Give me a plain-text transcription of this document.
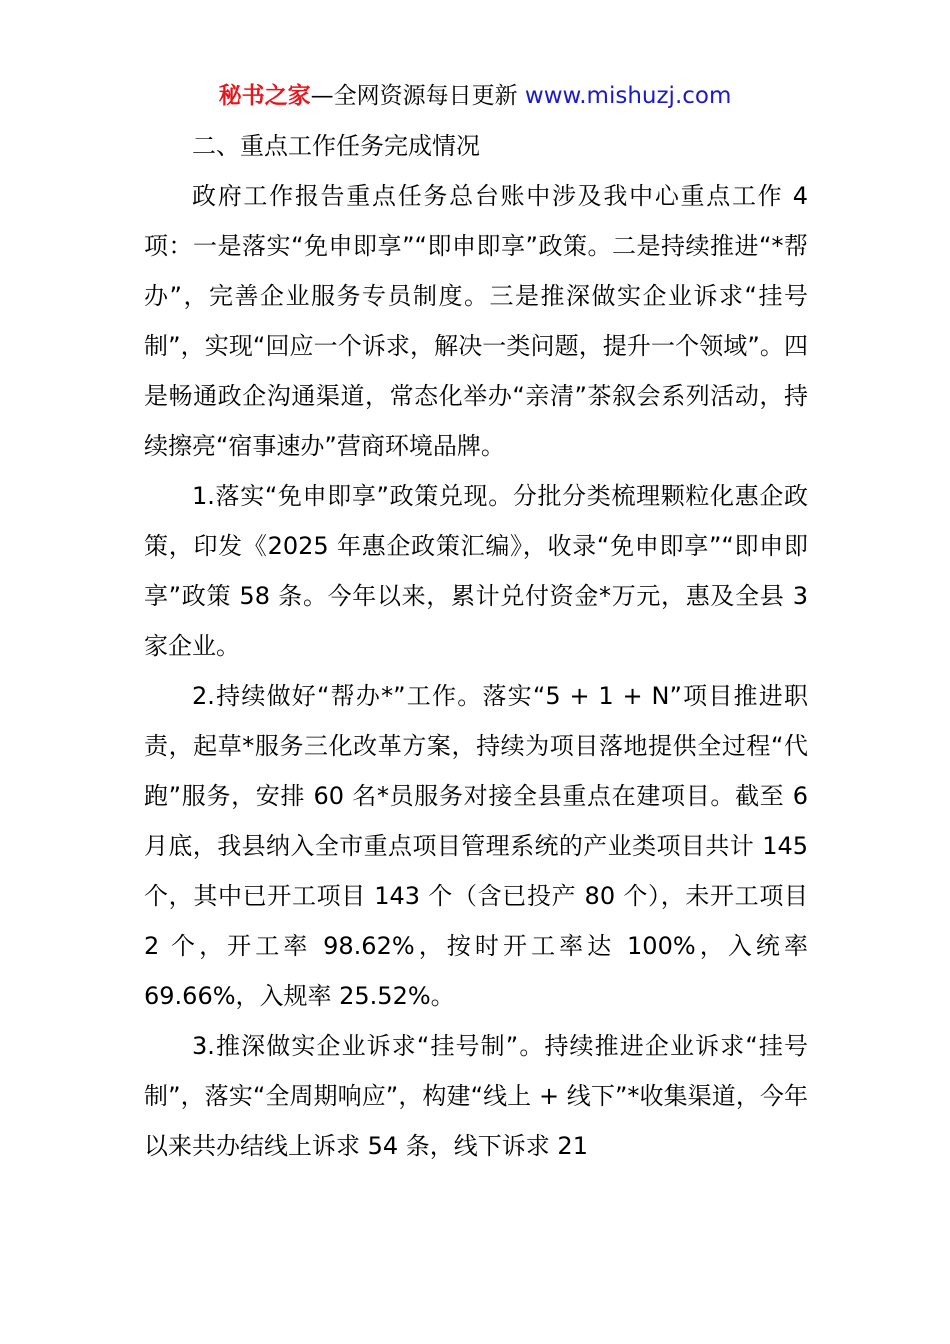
秘书之家—全网资源每日更新 www.mishuzj.com

二、重点工作任务完成情况

政府工作报告重点任务总台账中涉及我中心重点工作 4 项：一是落实“免申即享”“即申即享”政策。二是持续推进“*帮办”，完善企业服务专员制度。三是推深做实企业诉求“挂号制”，实现“回应一个诉求，解决一类问题，提升一个领域”。四是畅通政企沟通渠道，常态化举办“亲清”茶叙会系列活动，持续擦亮“宿事速办”营商环境品牌。

1.落实“免申即享”政策兑现。分批分类梳理颗粒化惠企政策，印发《2025 年惠企政策汇编》，收录“免申即享”“即申即享”政策 58 条。今年以来，累计兑付资金*万元，惠及全县 3 家企业。

2.持续做好“帮办*”工作。落实“5 + 1 + N”项目推进职责，起草*服务三化改革方案，持续为项目落地提供全过程“代跑”服务，安排 60 名*员服务对接全县重点在建项目。截至 6 月底，我县纳入全市重点项目管理系统的产业类项目共计 145 个，其中已开工项目 143 个（含已投产 80 个），未开工项目 2 个，开工率 98.62%，按时开工率达 100%，入统率 69.66%，入规率 25.52%。

3.推深做实企业诉求“挂号制”。持续推进企业诉求“挂号制”，落实“全周期响应”，构建“线上 + 线下”*收集渠道，今年以来共办结线上诉求 54 条，线下诉求 21
